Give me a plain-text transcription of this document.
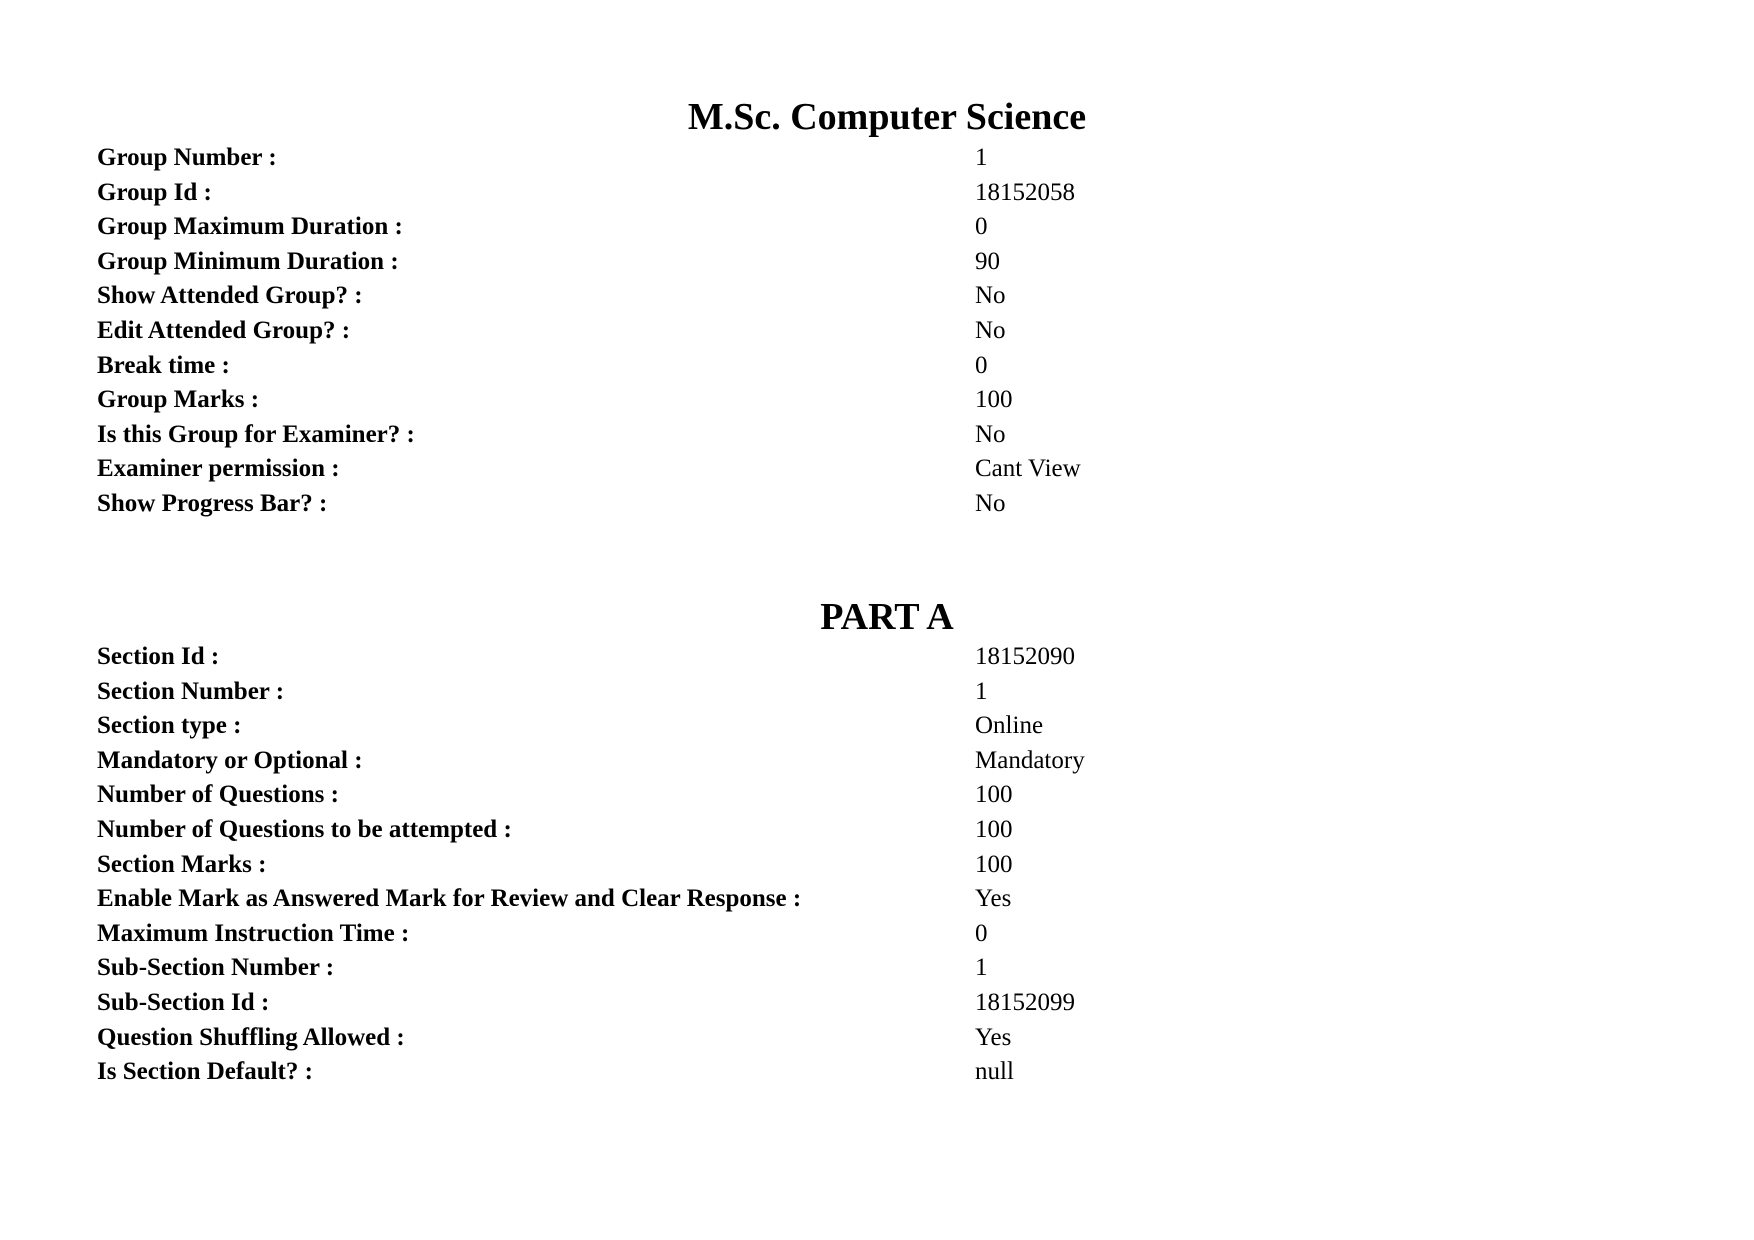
M.Sc. Computer Science
Group Number :	1
Group Id :	18152058
Group Maximum Duration :	0
Group Minimum Duration :	90
Show Attended Group? :	No
Edit Attended Group? :	No
Break time :	0
Group Marks :	100
Is this Group for Examiner? :	No
Examiner permission :	Cant View
Show Progress Bar? :	No
PART A
Section Id :	18152090
Section Number :	1
Section type :	Online
Mandatory or Optional :	Mandatory
Number of Questions :	100
Number of Questions to be attempted :	100
Section Marks :	100
Enable Mark as Answered Mark for Review and Clear Response :	Yes
Maximum Instruction Time :	0
Sub-Section Number :	1
Sub-Section Id :	18152099
Question Shuffling Allowed :	Yes
Is Section Default? :	null
